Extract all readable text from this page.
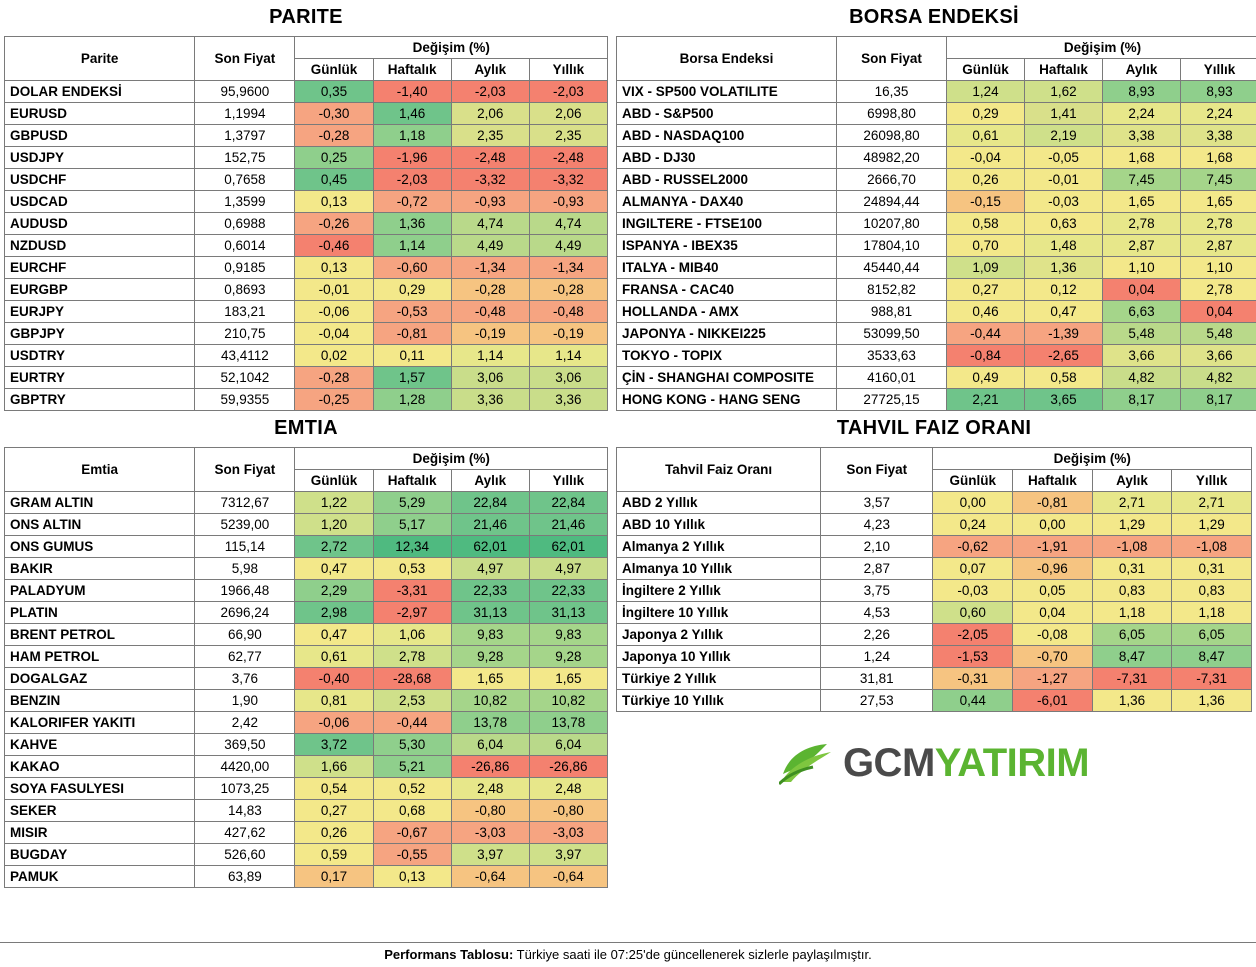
PARITE
Parite	Son Fiyat	Değişim (%)			
		Günlük	Haftalık	Aylık	Yıllık
DOLAR ENDEKSİ	95,9600	0,35	-1,40	-2,03	-2,03
EURUSD	1,1994	-0,30	1,46	2,06	2,06
GBPUSD	1,3797	-0,28	1,18	2,35	2,35
USDJPY	152,75	0,25	-1,96	-2,48	-2,48
USDCHF	0,7658	0,45	-2,03	-3,32	-3,32
USDCAD	1,3599	0,13	-0,72	-0,93	-0,93
AUDUSD	0,6988	-0,26	1,36	4,74	4,74
NZDUSD	0,6014	-0,46	1,14	4,49	4,49
EURCHF	0,9185	0,13	-0,60	-1,34	-1,34
EURGBP	0,8693	-0,01	0,29	-0,28	-0,28
EURJPY	183,21	-0,06	-0,53	-0,48	-0,48
GBPJPY	210,75	-0,04	-0,81	-0,19	-0,19
USDTRY	43,4112	0,02	0,11	1,14	1,14
EURTRY	52,1042	-0,28	1,57	3,06	3,06
GBPTRY	59,9355	-0,25	1,28	3,36	3,36
BORSA ENDEKSİ
Borsa Endeksi	Son Fiyat	Değişim (%)			
		Günlük	Haftalık	Aylık	Yıllık
VIX - SP500 VOLATILITE	16,35	1,24	1,62	8,93	8,93
ABD - S&P500	6998,80	0,29	1,41	2,24	2,24
ABD - NASDAQ100	26098,80	0,61	2,19	3,38	3,38
ABD - DJ30	48982,20	-0,04	-0,05	1,68	1,68
ABD - RUSSEL2000	2666,70	0,26	-0,01	7,45	7,45
ALMANYA - DAX40	24894,44	-0,15	-0,03	1,65	1,65
INGILTERE - FTSE100	10207,80	0,58	0,63	2,78	2,78
ISPANYA - IBEX35	17804,10	0,70	1,48	2,87	2,87
ITALYA - MIB40	45440,44	1,09	1,36	1,10	1,10
FRANSA - CAC40	8152,82	0,27	0,12	0,04	2,78
HOLLANDA - AMX	988,81	0,46	0,47	6,63	0,04
JAPONYA - NIKKEI225	53099,50	-0,44	-1,39	5,48	5,48
TOKYO - TOPIX	3533,63	-0,84	-2,65	3,66	3,66
ÇİN - SHANGHAI COMPOSITE	4160,01	0,49	0,58	4,82	4,82
HONG KONG - HANG SENG	27725,15	2,21	3,65	8,17	8,17
EMTIA
Emtia	Son Fiyat	Değişim (%)			
		Günlük	Haftalık	Aylık	Yıllık
GRAM ALTIN	7312,67	1,22	5,29	22,84	22,84
ONS ALTIN	5239,00	1,20	5,17	21,46	21,46
ONS GUMUS	115,14	2,72	12,34	62,01	62,01
BAKIR	5,98	0,47	0,53	4,97	4,97
PALADYUM	1966,48	2,29	-3,31	22,33	22,33
PLATIN	2696,24	2,98	-2,97	31,13	31,13
BRENT PETROL	66,90	0,47	1,06	9,83	9,83
HAM PETROL	62,77	0,61	2,78	9,28	9,28
DOGALGAZ	3,76	-0,40	-28,68	1,65	1,65
BENZIN	1,90	0,81	2,53	10,82	10,82
KALORIFER YAKITI	2,42	-0,06	-0,44	13,78	13,78
KAHVE	369,50	3,72	5,30	6,04	6,04
KAKAO	4420,00	1,66	5,21	-26,86	-26,86
SOYA FASULYESI	1073,25	0,54	0,52	2,48	2,48
SEKER	14,83	0,27	0,68	-0,80	-0,80
MISIR	427,62	0,26	-0,67	-3,03	-3,03
BUGDAY	526,60	0,59	-0,55	3,97	3,97
PAMUK	63,89	0,17	0,13	-0,64	-0,64
TAHVIL FAIZ ORANI
Tahvil Faiz Oranı	Son Fiyat	Değişim (%)			
		Günlük	Haftalık	Aylık	Yıllık
ABD 2 Yıllık	3,57	0,00	-0,81	2,71	2,71
ABD 10 Yıllık	4,23	0,24	0,00	1,29	1,29
Almanya 2 Yıllık	2,10	-0,62	-1,91	-1,08	-1,08
Almanya 10 Yıllık	2,87	0,07	-0,96	0,31	0,31
İngiltere 2 Yıllık	3,75	-0,03	0,05	0,83	0,83
İngiltere 10 Yıllık	4,53	0,60	0,04	1,18	1,18
Japonya 2 Yıllık	2,26	-2,05	-0,08	6,05	6,05
Japonya 10 Yıllık	1,24	-1,53	-0,70	8,47	8,47
Türkiye 2 Yıllık	31,81	-0,31	-1,27	-7,31	-7,31
Türkiye 10 Yıllık	27,53	0,44	-6,01	1,36	1,36
GCMYATIRIM
Performans Tablosu: Türkiye saati ile 07:25'de güncellenerek sizlerle paylaşılmıştır.
